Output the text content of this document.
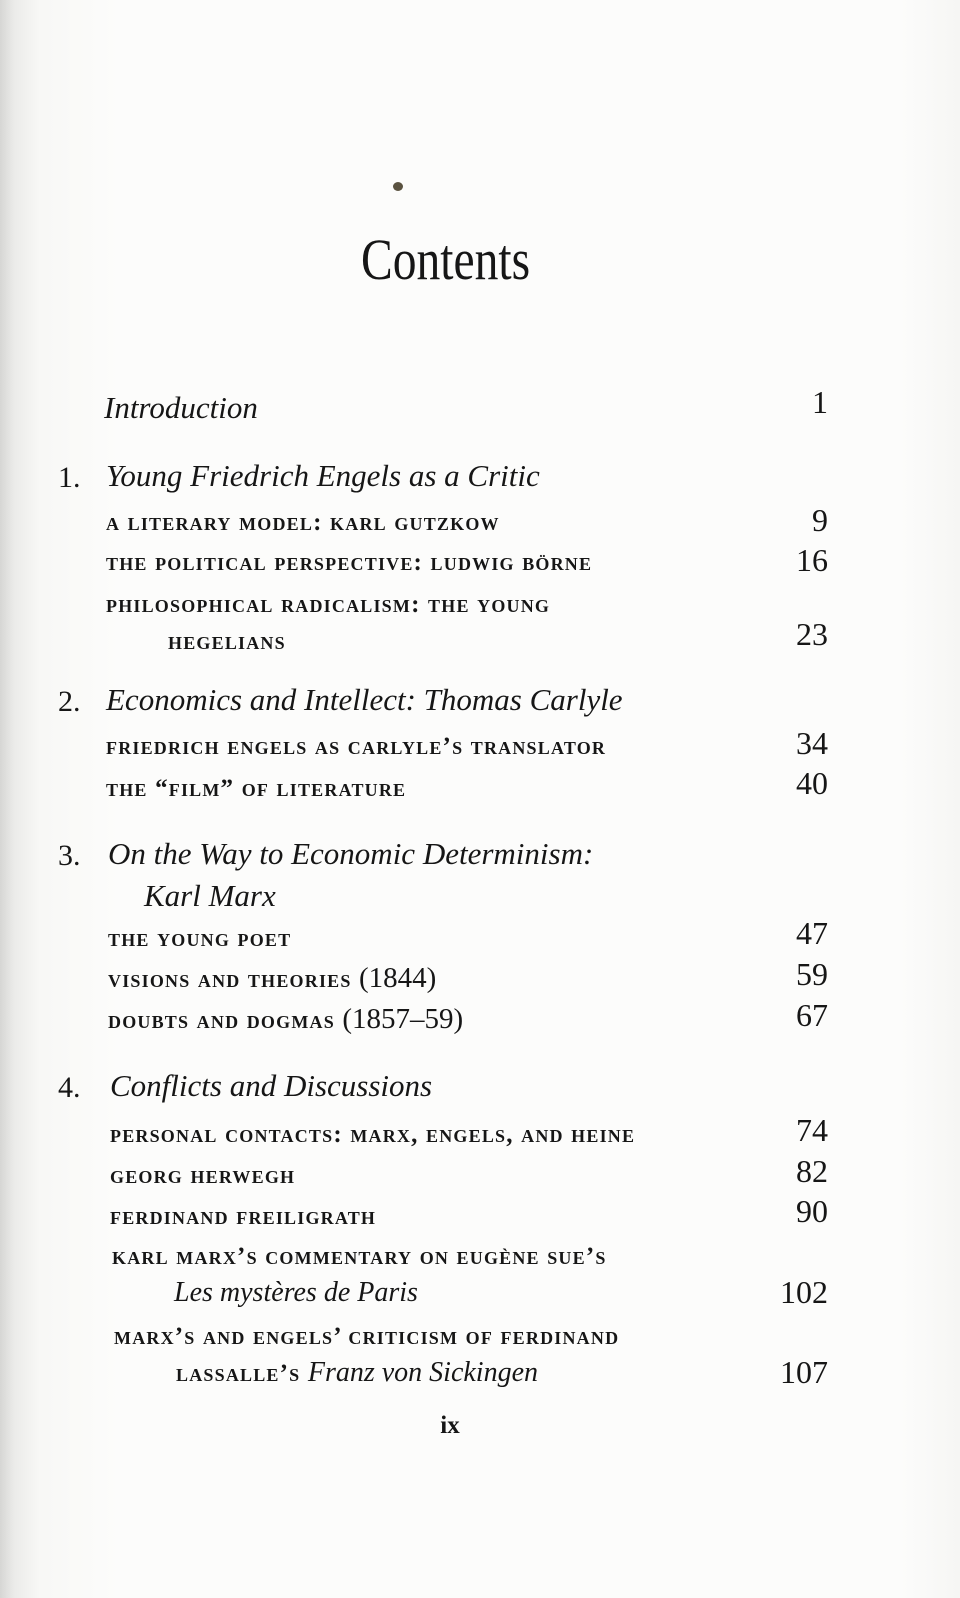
Contents
Introduction	1
1. Young Friedrich Engels as a Critic
a literary model: karl gutzkow	9
the political perspective: ludwig börne	16
philosophical radicalism: the young
hegelians	23
2. Economics and Intellect: Thomas Carlyle
friedrich engels as carlyle’s translator	34
the “film” of literature	40
3. On the Way to Economic Determinism:
Karl Marx
the young poet	47
visions and theories (1844)	59
doubts and dogmas (1857–59)	67
4. Conflicts and Discussions
personal contacts: marx, engels, and heine	74
georg herwegh	82
ferdinand freiligrath	90
karl marx’s commentary on eugène sue’s
Les mystères de Paris	102
marx’s and engels’ criticism of ferdinand
lassalle’s Franz von Sickingen	107
ix
